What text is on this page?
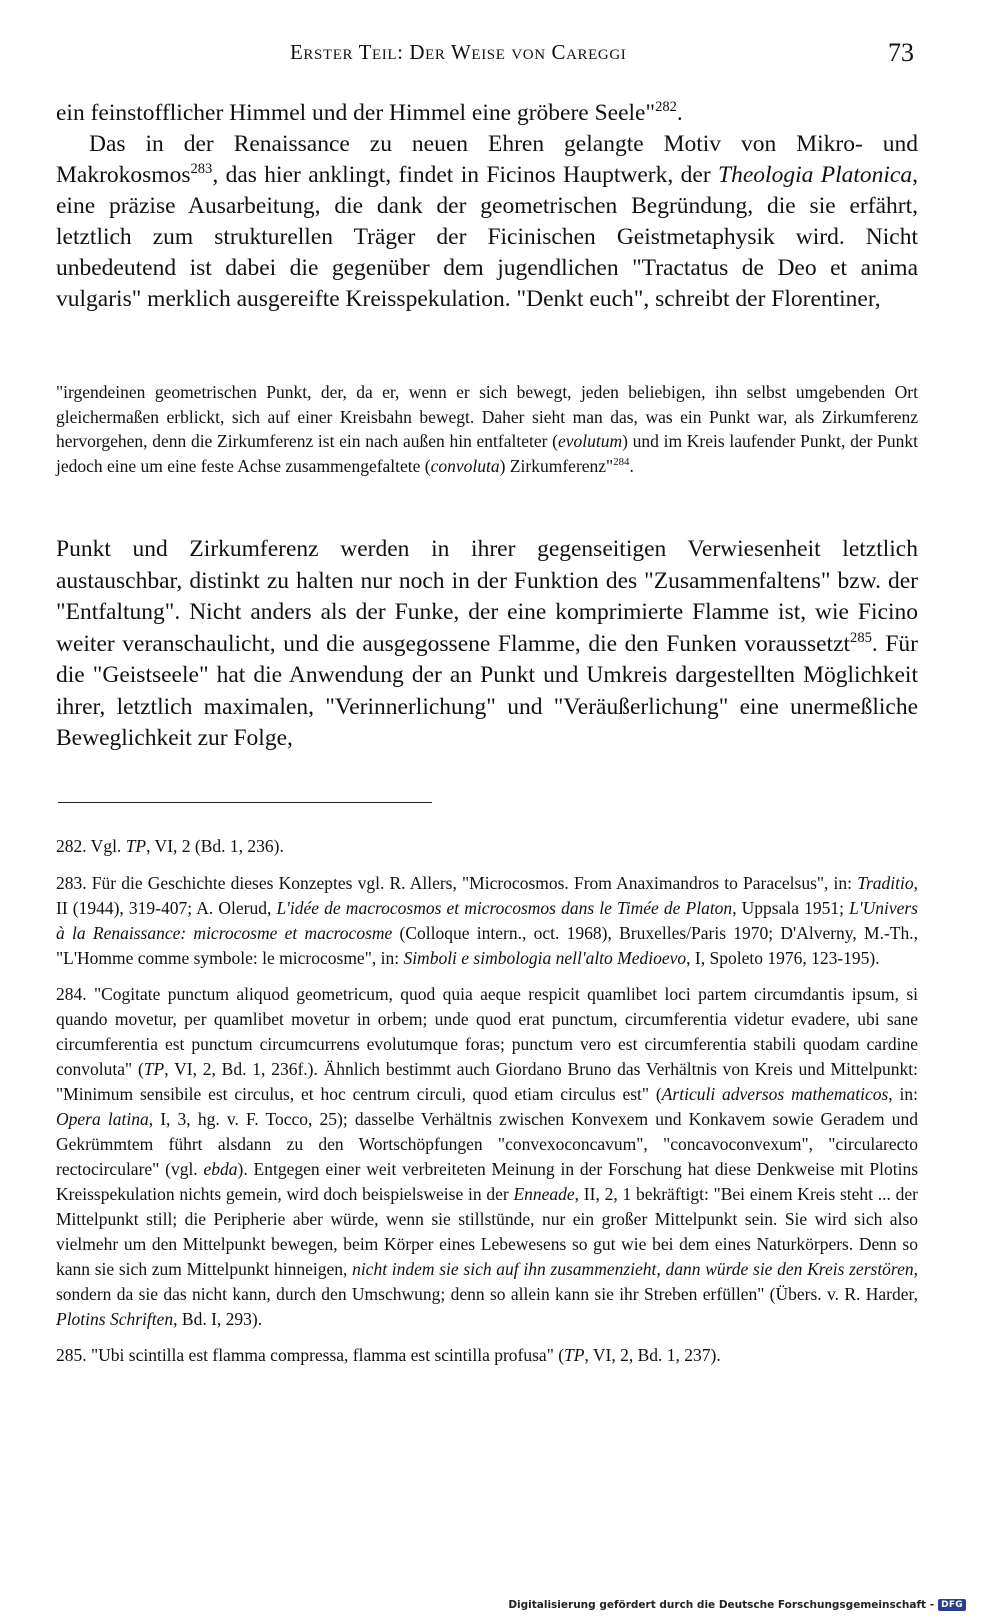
Erster Teil: Der Weise von Careggi	73

ein feinstofflicher Himmel und der Himmel eine gröbere Seele"$^{282}$.

Das in der Renaissance zu neuen Ehren gelangte Motiv von Mikro- und Makrokosmos$^{283}$, das hier anklingt, findet in Ficinos Hauptwerk, der Theologia Platonica, eine präzise Ausarbeitung, die dank der geometrischen Begründung, die sie erfährt, letztlich zum strukturellen Träger der Ficinischen Geistmetaphysik wird. Nicht unbedeutend ist dabei die gegenüber dem jugendlichen "Tractatus de Deo et anima vulgaris" merklich ausgereifte Kreisspekulation. "Denkt euch", schreibt der Florentiner,

"irgendeinen geometrischen Punkt, der, da er, wenn er sich bewegt, jeden beliebigen, ihn selbst umgebenden Ort gleichermaßen erblickt, sich auf einer Kreisbahn bewegt. Daher sieht man das, was ein Punkt war, als Zirkumferenz hervorgehen, denn die Zirkumferenz ist ein nach außen hin entfalteter (evolutum) und im Kreis laufender Punkt, der Punkt jedoch eine um eine feste Achse zusammengefaltete (convoluta) Zirkumferenz"$^{284}$.

Punkt und Zirkumferenz werden in ihrer gegenseitigen Verwiesenheit letztlich austauschbar, distinkt zu halten nur noch in der Funktion des "Zusammenfaltens" bzw. der "Entfaltung". Nicht anders als der Funke, der eine komprimierte Flamme ist, wie Ficino weiter veranschaulicht, und die ausgegossene Flamme, die den Funken voraussetzt$^{285}$. Für die "Geistseele" hat die Anwendung der an Punkt und Umkreis dargestellten Möglichkeit ihrer, letztlich maximalen, "Verinnerlichung" und "Veräußerlichung" eine unermeßliche Beweglichkeit zur Folge,

282. Vgl. TP, VI, 2 (Bd. 1, 236).

283. Für die Geschichte dieses Konzeptes vgl. R. Allers, "Microcosmos. From Anaximandros to Paracelsus", in: Traditio, II (1944), 319-407; A. Olerud, L'idée de macrocosmos et microcosmos dans le Timée de Platon, Uppsala 1951; L'Univers à la Renaissance: microcosme et macrocosme (Colloque intern., oct. 1968), Bruxelles/Paris 1970; D'Alverny, M.-Th., "L'Homme comme symbole: le microcosme", in: Simboli e simbologia nell'alto Medioevo, I, Spoleto 1976, 123-195).

284. "Cogitate punctum aliquod geometricum, quod quia aeque respicit quamlibet loci partem circumdantis ipsum, si quando movetur, per quamlibet movetur in orbem; unde quod erat punctum, circumferentia videtur evadere, ubi sane circumferentia est punctum circumcurrens evolutumque foras; punctum vero est circumferentia stabili quodam cardine convoluta" (TP, VI, 2, Bd. 1, 236f.). Ähnlich bestimmt auch Giordano Bruno das Verhältnis von Kreis und Mittelpunkt: "Minimum sensibile est circulus, et hoc centrum circuli, quod etiam circulus est" (Articuli adversos mathematicos, in: Opera latina, I, 3, hg. v. F. Tocco, 25); dasselbe Verhältnis zwischen Konvexem und Konkavem sowie Geradem und Gekrümmtem führt alsdann zu den Wortschöpfungen "convexoconcavum", "concavoconvexum", "circularecto rectocirculare" (vgl. ebda). Entgegen einer weit verbreiteten Meinung in der Forschung hat diese Denkweise mit Plotins Kreisspekulation nichts gemein, wird doch beispielsweise in der Enneade, II, 2, 1 bekräftigt: "Bei einem Kreis steht ... der Mittelpunkt still; die Peripherie aber würde, wenn sie stillstünde, nur ein großer Mittelpunkt sein. Sie wird sich also vielmehr um den Mittelpunkt bewegen, beim Körper eines Lebewesens so gut wie bei dem eines Naturkörpers. Denn so kann sie sich zum Mittelpunkt hinneigen, nicht indem sie sich auf ihn zusammenzieht, dann würde sie den Kreis zerstören, sondern da sie das nicht kann, durch den Umschwung; denn so allein kann sie ihr Streben erfüllen" (Übers. v. R. Harder, Plotins Schriften, Bd. I, 293).

285. "Ubi scintilla est flamma compressa, flamma est scintilla profusa" (TP, VI, 2, Bd. 1, 237).

Digitalisierung gefördert durch die Deutsche Forschungsgemeinschaft - DFG
